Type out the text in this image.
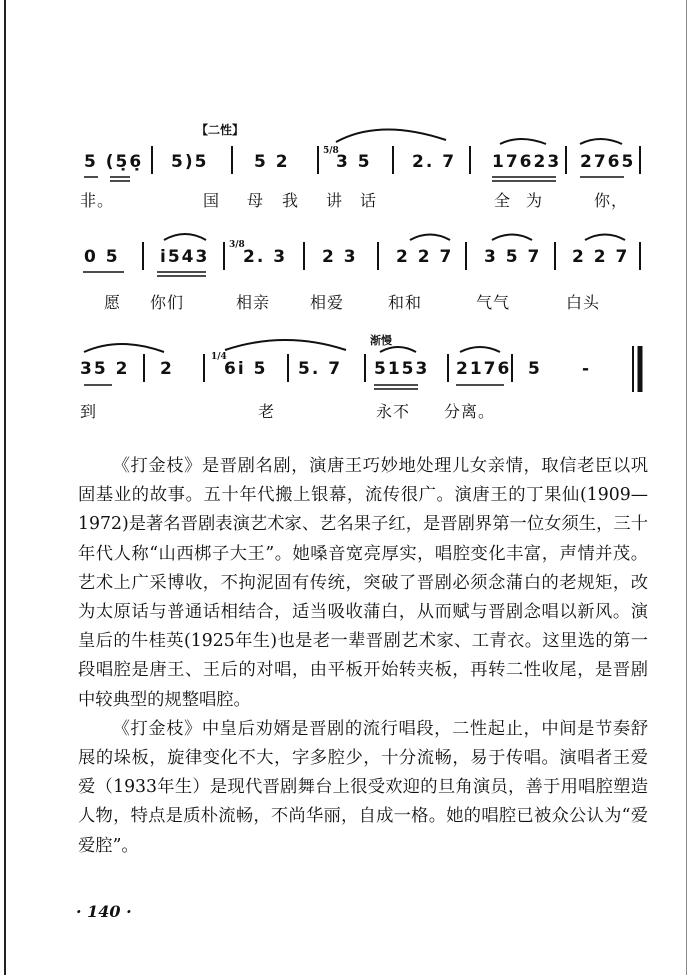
【二性】
渐慢
5/8
3/8
1/4
5 (5̣6̣ 5)5	5 2	3 5 2. 7 17623 2765
非。	国 母 我 讲 话	全 为	你，
0 5 i543 2. 3 2 3 2 2 7 3 5 7 2 2 7
愿 你们	相亲 相爱	和和	气气	白头
35 2 2	6i 5 5. 7 5153 2176 5 -
到	老	永不 分离。

《打金枝》是晋剧名剧，演唐王巧妙地处理儿女亲情，取信老臣以巩固基业的故事。五十年代搬上银幕，流传很广。演唐王的丁果仙(1909—1972)是著名晋剧表演艺术家、艺名果子红，是晋剧界第一位女须生，三十年代人称“山西梆子大王”。她嗓音宽亮厚实，唱腔变化丰富，声情并茂。艺术上广采博收，不拘泥固有传统，突破了晋剧必须念蒲白的老规矩，改为太原话与普通话相结合，适当吸收蒲白，从而赋与晋剧念唱以新风。演皇后的牛桂英(1925年生)也是老一辈晋剧艺术家、工青衣。这里选的第一段唱腔是唐王、王后的对唱，由平板开始转夹板，再转二性收尾，是晋剧中较典型的规整唱腔。

《打金枝》中皇后劝婿是晋剧的流行唱段，二性起止，中间是节奏舒展的垛板，旋律变化不大，字多腔少，十分流畅，易于传唱。演唱者王爱爱（1933年生）是现代晋剧舞台上很受欢迎的旦角演员，善于用唱腔塑造人物，特点是质朴流畅，不尚华丽，自成一格。她的唱腔已被众公认为“爱爱腔”。

· 140 ·
